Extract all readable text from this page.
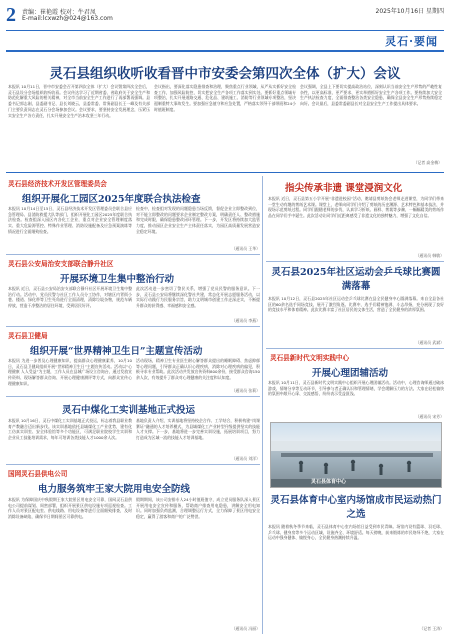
2 责编：崔艳霞 校对：牛君凤
E-mail:lcxwzh@024@163.com
2025年10月16日 星期四
灵石·要闻
灵石县组织收听收看晋中市安委会第四次全体（扩大）会议
本报讯 10月11日，晋中市安委会召开第四次全体（扩大）会议暨第四次全会后，灵石县设分会场组织收听收看。会议传达学习了近期省委、省政府关于安全生产和防范化解重大风险的相关精神，对全市当前安全生产工作进行了再部署再强调。县委书记郭志刚，县委副书记、县长刘晓云，县委常委、常务副县长王一峰及有关部门主要负责同志在灵石分会场参加会议。会议要求，要坚持安全发展理念，压紧压实安全生产各方责任，扎实开展安全生产治本攻坚三年行动。
会议指出，要深化落实隐患排查和治理，聚焦重点行业领域，从严从实抓好安全检查工作，加强风险防控，切实把安全生产各项工作落实到实处。要抓好重点领域专项整治，扎实开展道路交通、危化品、建筑施工、消防等行业领域专项整治，坚决遏制重特大事故发生。要加强应急值守和应急处置，严格落实领导干部带班和24小时值班制度。
会议强调，全县上下要切实提高政治站位，深刻认识当前安全生产形势的严峻性复杂性，以更高标准、更严要求、更实举措抓好安全生产各项工作。要持续加大安全生产执法检查力度，全面排查整治各类安全隐患，确保全县安全生产形势持续稳定向好。会议最后，县委常委副县长对全县安全生产工作提出具体要求。
（记者 高金梅）
灵石县经济技术开发区管理委员会
组织开展化工园区2025年度联合执法检查
本报讯 10月14日至15日，灵石县经济技术开发区管理委员会联合县应急管理局、县消防救援大队等部门，组织开展化工园区2025年度联合执法检查。检查组深入园区内各化工企业，重点对企业安全管理制度落实、重大危险源管控、特殊作业管理、消防设施配备及应急预案演练等情况进行全面细致检查。
检查中，检查组对发现的问题隐患当场反馈，督促企业立即整改到位，对不能立即整改的问题要求企业制定整改方案，明确责任人、整改措施和完成时限，确保隐患整改闭环管理。下一步，开发区将持续加大监管力度，推动园区企业安全生产主体责任落实，为园区高质量发展营造安全稳定环境。
（通讯员 王华）
灵石县公安局治安支部联合静升社区
开展环境卫生集中整治行动
本报讯 近日，灵石县公安局治安支部联合静升社区开展环境卫生集中整治行动。活动中，党员民警与社区工作人员分工协作，对辖区内背街小巷、楼道、绿化带等卫生死角进行全面清理，清除垃圾杂物，规范车辆停放，营造干净整洁的居住环境，受到居民好评。
此次活动进一步密切了警民关系，增强了党员民警的服务意识。下一步，灵石县公安局将继续深化警社共建，常态化开展志愿服务活动，以实际行动践行为民服务宗旨，助力文明城市创建工作走深走实，不断提升群众的获得感、幸福感和安全感。
（通讯员 李燕）
灵石县卫健局
组织开展“世界精神卫生日”主题宣传活动
本报讯 为进一步普及心理健康知识，提高群众心理健康素养，10月10日，灵石县卫健局组织开展“世界精神卫生日”主题宣传活动。活动以“心理健康 人人受益”为主题，工作人员在县城广场设立咨询台，通过发放宣传资料、现场解答群众咨询、开展心理健康测评等方式，向群众宣传心理健康知识。
活动现场，精神卫生专业医生耐心解答群众提出的睡眠障碍、焦虑抑郁等心理问题，引导群众正确认识心理疾病，消除对心理疾病的偏见，积极寻求专业帮助。此次活动共发放宣传资料800余份，接受群众咨询150余人次，有效提升了群众对心理健康的关注度和认知度。
（通讯员 张莉）
灵石中煤化工实训基地正式投运
本报讯 10月16日，灵石中煤化工实训基地正式投运，标志着我县职业教育产教融合迈出新步伐。该实训基地依托县域煤化工产业优势，建有化工仿真实训室、安全体验馆等多个功能区，可满足职业院校学生实训和企业员工技能培训需求，每年可培训各类技能人才1000余人次。
基地负责人介绍，实训基地将坚持校企合作、工学结合，积极构建“岗课赛证”融通的人才培养模式，为县域煤化工产业转型升级提供坚实的技能人才支撑。下一步，基地将进一步完善实训设施，拓展培训项目，努力打造成为区域一流的技能人才培训基地。
（通讯员 刘洋）
国网灵石县供电公司
电力服务筑牢王家大院用电安全防线
本报讯 为保障国庆中秋假期王家大院景区用电安全可靠，国网灵石县供电公司提前谋划、周密部署，组织开展景区供电设施专项巡视检查。工作人员对景区配电室、供电线路、用电设备等进行全面细致排查，及时消除设备缺陷，确保节日期间景区可靠供电。
假期期间，该公司安排专人24小时值班值守，成立党员服务队深入景区开展用电安全宣传和服务，帮助商户排查用电隐患，讲解安全用电知识。同时加强负荷监测，合理调整运行方式，全力保障了景区用电安全稳定，赢得了游客和商户的广泛赞誉。
（通讯员 冯丽）
指尖传承非遗 课堂浸润文化
本报讯 近日，灵石县第五小学开展“非遗进校园”活动，邀请县剪纸协会老师走进课堂，为同学们带来一堂生动有趣的剪纸艺术课。课堂上，老师向同学们介绍了剪纸的历史渊源、艺术特色和基本技法，并现场示范剪纸过程。同学们跟随老师的步伐，认真学习折纸、画样、剪裁等步骤，一幅幅精美的剪纸作品在同学们手中诞生。此次活动让同学们近距离感受了非遗文化的独特魅力，增强了文化自信。
（通讯员 韩敏）
灵石县2025年社区运动会乒乓球比赛圆满落幕
本报讯 10月12日，灵石县2025年社区运动会乒乓球比赛在县全民健身中心圆满落幕。来自全县各社区的60余名选手同场竞技，展开了激烈角逐。比赛中，选手们精神饱满、斗志昂扬，充分展现了良好的竞技水平和体育精神。此次比赛丰富了社区居民的文体生活，营造了全民健身的浓厚氛围。
（通讯员 武斌）
灵石县新时代文明实践中心
开展心理团辅活动
本报讯 10月11日，灵石县新时代文明实践中心组织开展心理团辅活动。活动中，心理咨询师通过破冰游戏、情绪分享等互动环节，引导参与者正确认识和管理情绪，学会缓解压力的方法。大家在轻松愉快的氛围中敞开心扉、交流感悟，纷纷表示受益匪浅。
（通讯员 宋芳）
灵石县体育中心
灵石县体育中心室内场馆成市民运动热门之选
本报讯 随着秋冬季节来临，灵石县体育中心室内场馆日益受到市民青睐。场馆内设有篮球、羽毛球、乒乓球、健身房等多个运动区域，设施齐全、环境舒适。每天傍晚，前来锻炼的市民络绎不绝，大家在运动中强身健体、愉悦身心，全民健身热潮持续升温。
（记者 王涛）
